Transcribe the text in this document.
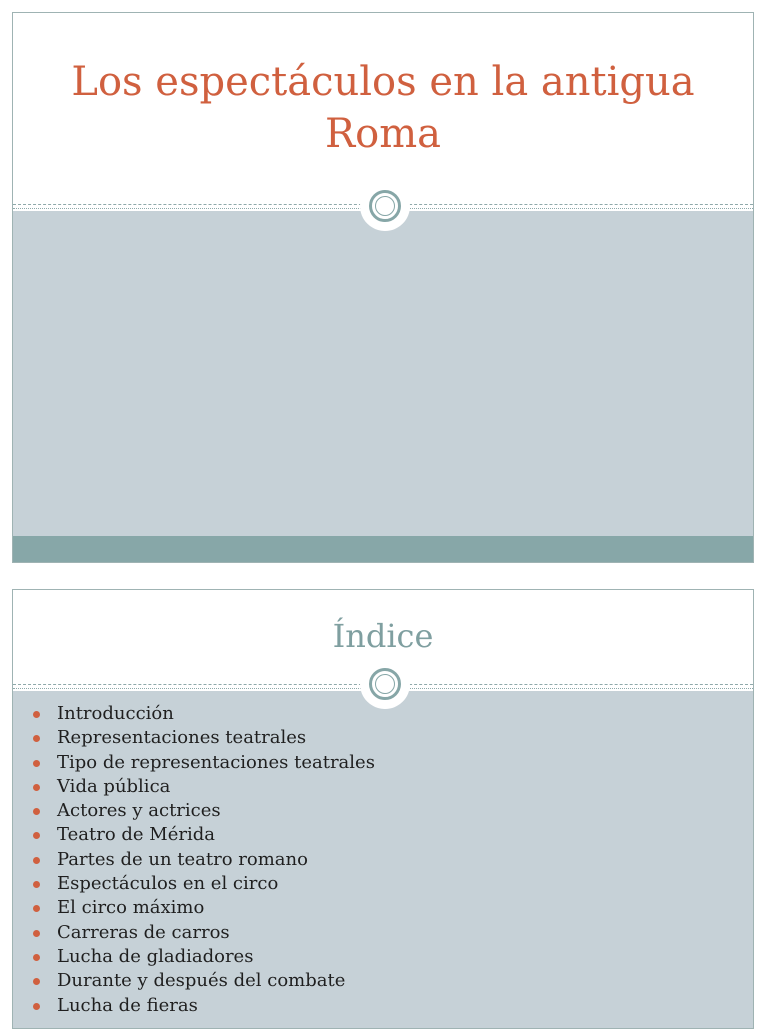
Los espectáculos en la antigua Roma
Índice
Introducción
Representaciones teatrales
Tipo de representaciones teatrales
Vida pública
Actores y actrices
Teatro de Mérida
Partes de un teatro romano
Espectáculos en el circo
El circo máximo
Carreras de carros
Lucha de gladiadores
Durante y después del combate
Lucha de fieras
